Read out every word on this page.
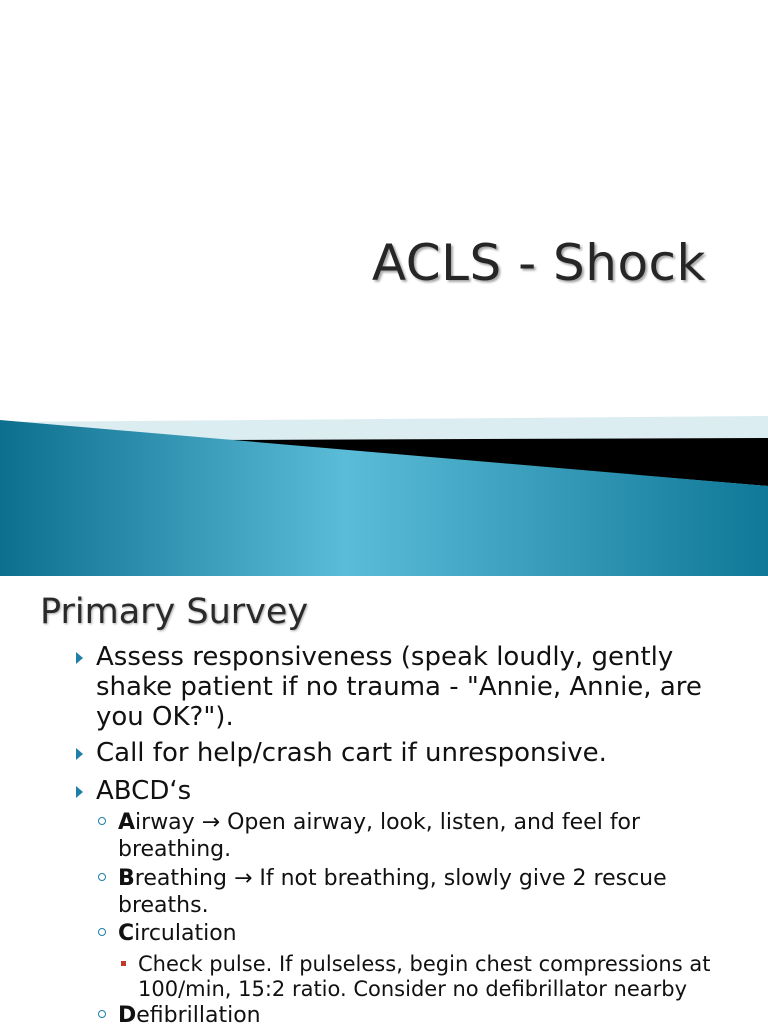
ACLS - Shock
Primary Survey
Assess responsiveness (speak loudly, gently shake patient if no trauma - "Annie, Annie, are you OK?").
Call for help/crash cart if unresponsive.
ABCD‘s
Airway → Open airway, look, listen, and feel for breathing.
Breathing → If not breathing, slowly give 2 rescue breaths.
Circulation
Check pulse. If pulseless, begin chest compressions at 100/min, 15:2 ratio. Consider no defibrillator nearby
Defibrillation
